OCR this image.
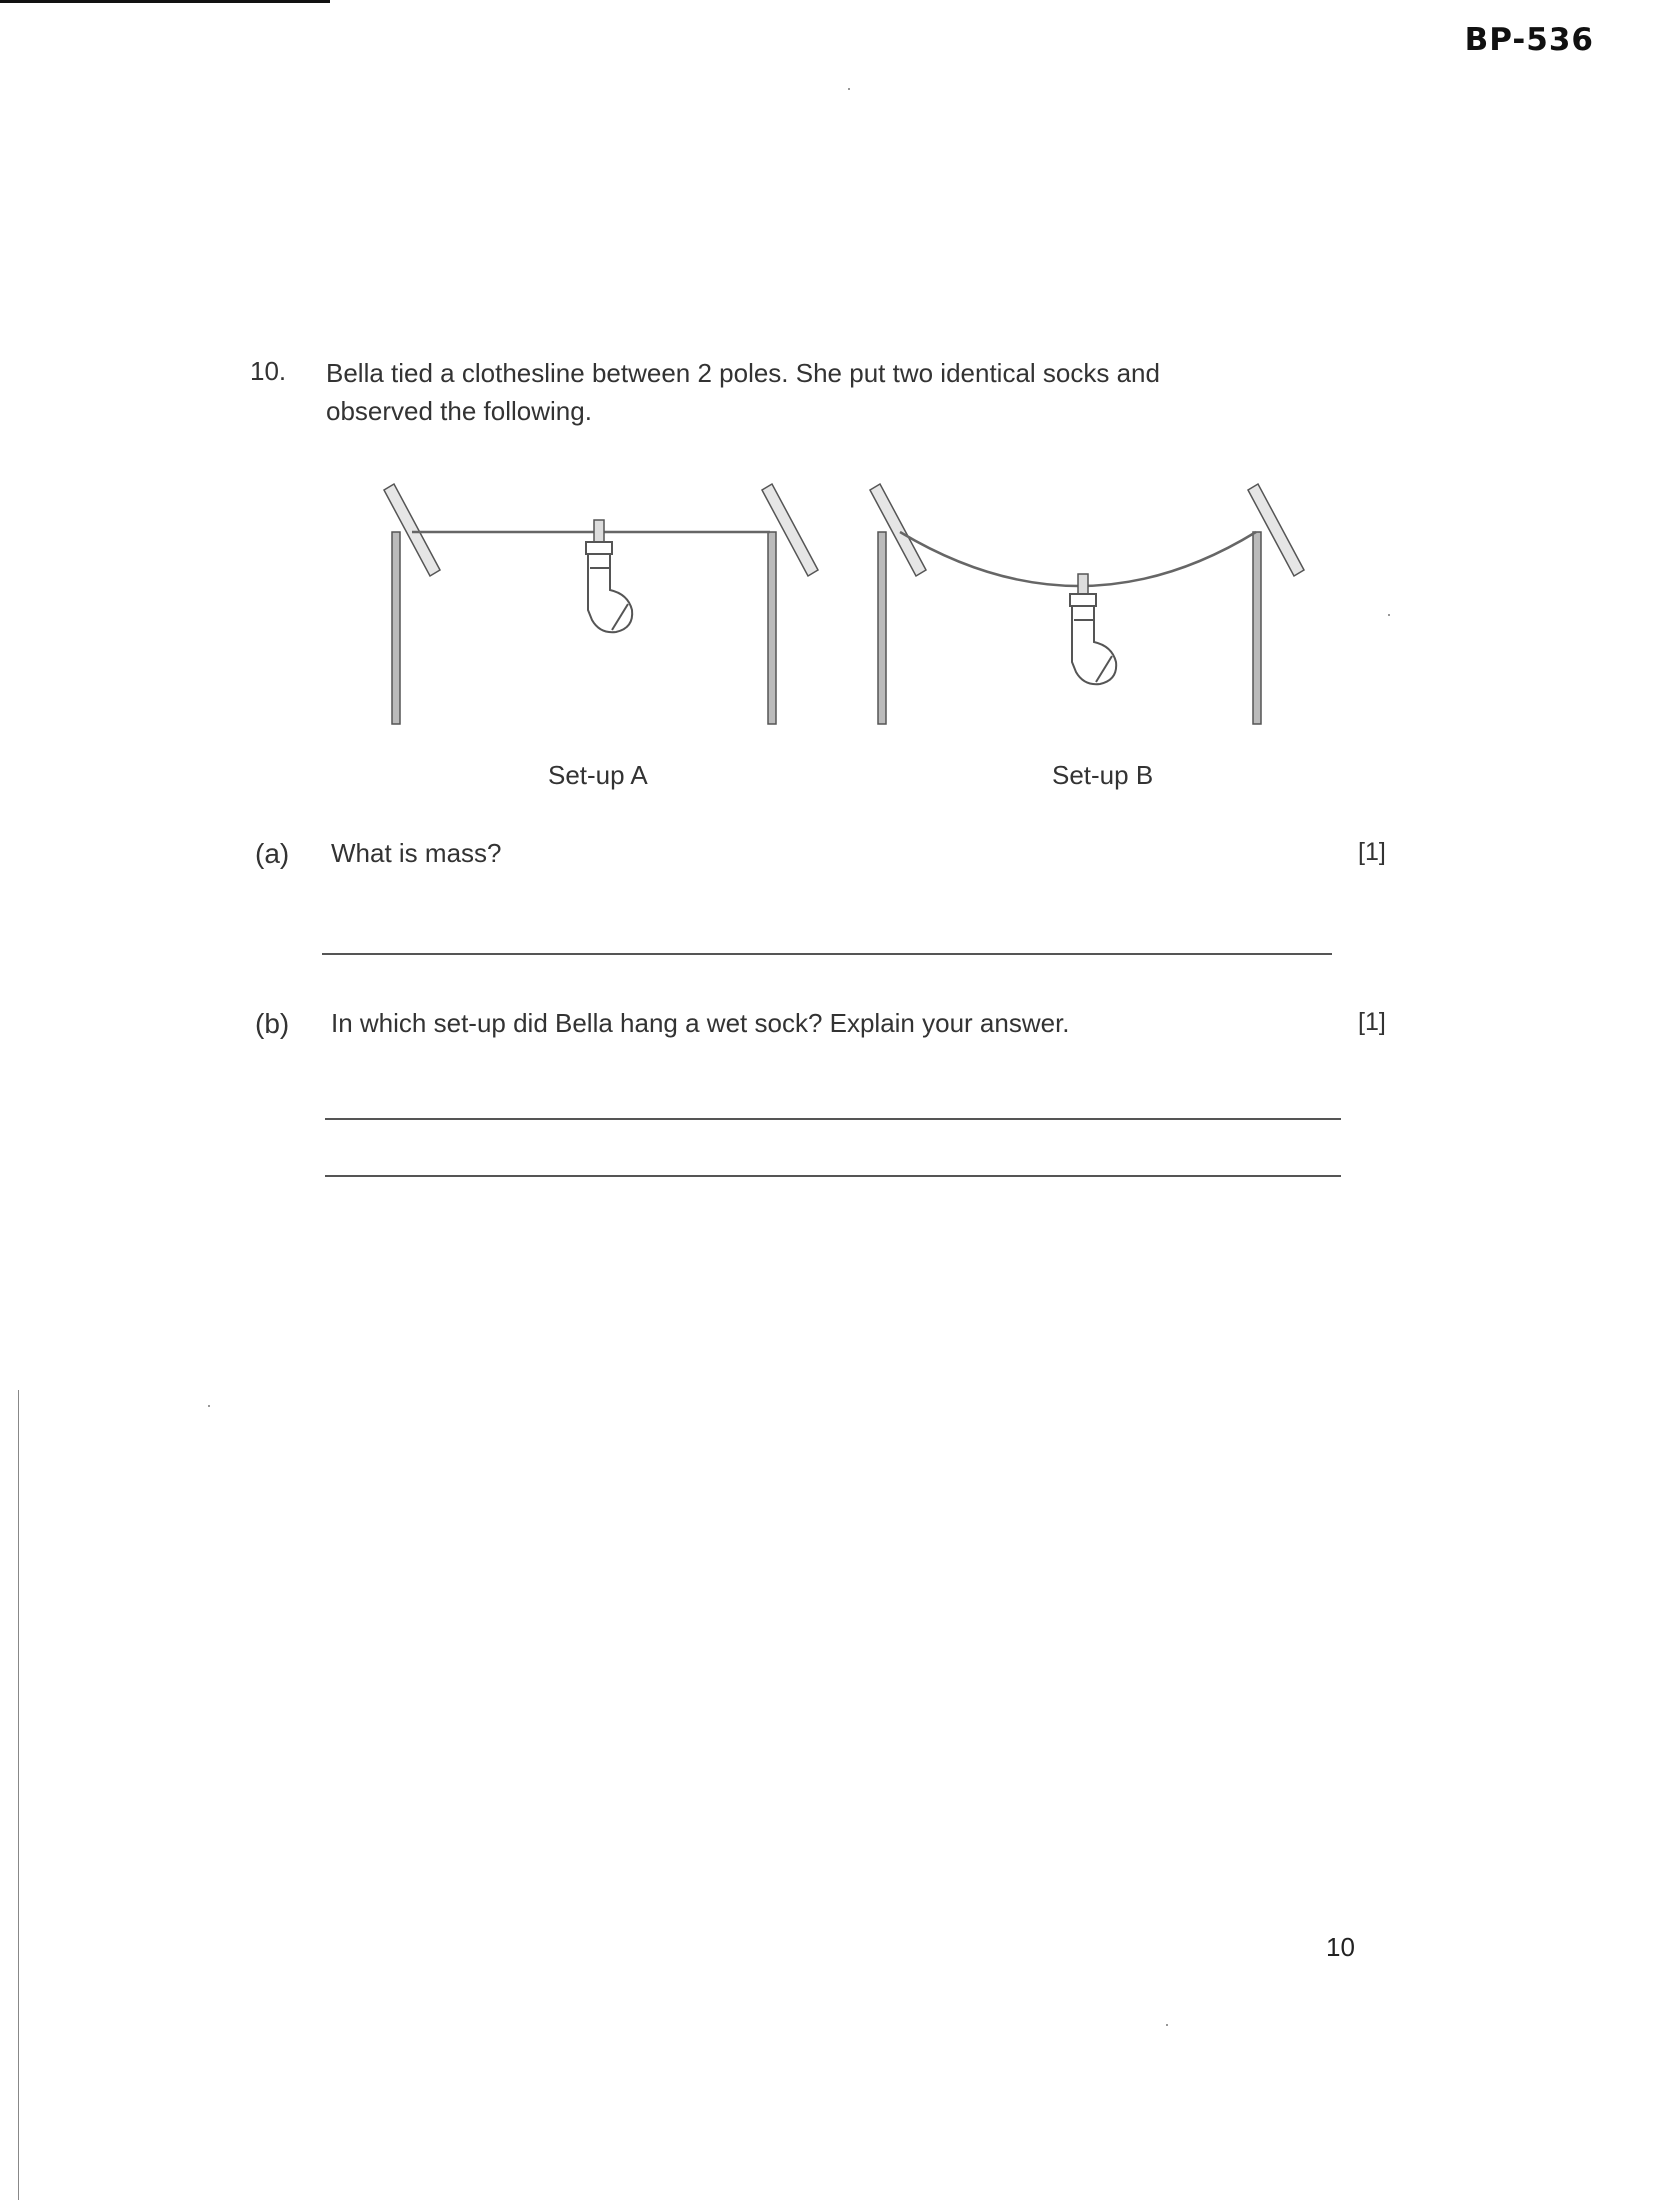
BP-536
10. Bella tied a clothesline between 2 poles. She put two identical socks and observed the following.
Set-up A	Set-up B
(a) What is mass?	[1]
(b) In which set-up did Bella hang a wet sock? Explain your answer.	[1]
10
